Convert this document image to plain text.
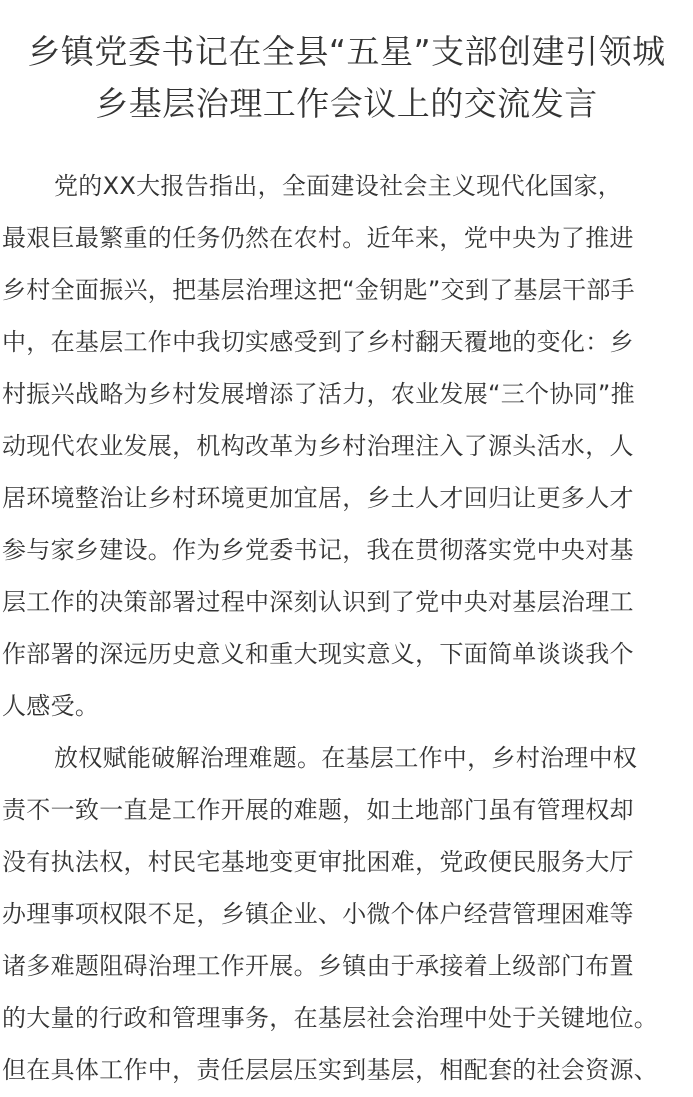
乡镇党委书记在全县“五星”支部创建引领城
乡基层治理工作会议上的交流发言

党的XX大报告指出，全面建设社会主义现代化国家，
最艰巨最繁重的任务仍然在农村。近年来，党中央为了推进
乡村全面振兴，把基层治理这把“金钥匙”交到了基层干部手
中，在基层工作中我切实感受到了乡村翻天覆地的变化：乡
村振兴战略为乡村发展增添了活力，农业发展“三个协同”推
动现代农业发展，机构改革为乡村治理注入了源头活水，人
居环境整治让乡村环境更加宜居，乡土人才回归让更多人才
参与家乡建设。作为乡党委书记，我在贯彻落实党中央对基
层工作的决策部署过程中深刻认识到了党中央对基层治理工
作部署的深远历史意义和重大现实意义，下面简单谈谈我个
人感受。

放权赋能破解治理难题。在基层工作中，乡村治理中权
责不一致一直是工作开展的难题，如土地部门虽有管理权却
没有执法权，村民宅基地变更审批困难，党政便民服务大厅
办理事项权限不足，乡镇企业、小微个体户经营管理困难等
诸多难题阻碍治理工作开展。乡镇由于承接着上级部门布置
的大量的行政和管理事务，在基层社会治理中处于关键地位。
但在具体工作中，责任层层压实到基层，相配套的社会资源、
